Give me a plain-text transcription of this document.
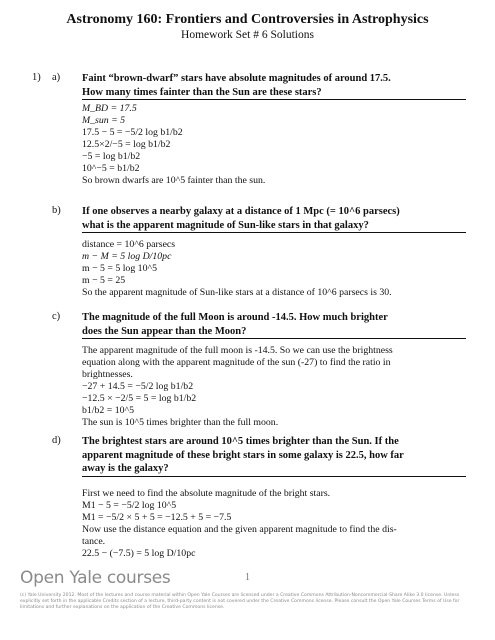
Astronomy 160: Frontiers and Controversies in Astrophysics
Homework Set # 6 Solutions
1) a) Faint “brown-dwarf” stars have absolute magnitudes of around 17.5.
How many times fainter than the Sun are these stars?
M_BD = 17.5
M_sun = 5
17.5 − 5 = −5/2 log b1/b2
12.5×2/−5 = log b1/b2
−5 = log b1/b2
10^−5 = b1/b2
So brown dwarfs are 10^5 fainter than the sun.
b) If one observes a nearby galaxy at a distance of 1 Mpc (= 10^6 parsecs)
what is the apparent magnitude of Sun-like stars in that galaxy?
distance = 10^6 parsecs
m − M = 5 log D/10pc
m − 5 = 5 log 10^5
m − 5 = 25
So the apparent magnitude of Sun-like stars at a distance of 10^6 parsecs is 30.
c) The magnitude of the full Moon is around -14.5. How much brighter
does the Sun appear than the Moon?
The apparent magnitude of the full moon is -14.5. So we can use the brightness
equation along with the apparent magnitude of the sun (-27) to find the ratio in
brightnesses.
−27 + 14.5 = −5/2 log b1/b2
−12.5 × −2/5 = 5 = log b1/b2
b1/b2 = 10^5
The sun is 10^5 times brighter than the full moon.
d) The brightest stars are around 10^5 times brighter than the Sun. If the
apparent magnitude of these bright stars in some galaxy is 22.5, how far
away is the galaxy?
First we need to find the absolute magnitude of the bright stars.
M1 − 5 = −5/2 log 10^5
M1 = −5/2 × 5 + 5 = −12.5 + 5 = −7.5
Now use the distance equation and the given apparent magnitude to find the dis-
tance.
22.5 − (−7.5) = 5 log D/10pc
Open Yale courses	1
(c) Yale University 2012. Most of the lectures and course material within Open Yale Courses are licensed under a Creative Commons Attribution-Noncommercial-Share Alike 3.0 license. Unless explicitly set forth in the applicable Credits section of a lecture, third-party content is not covered under the Creative Commons license. Please consult the Open Yale Courses Terms of Use for limitations and further explanations on the application of the Creative Commons license.
